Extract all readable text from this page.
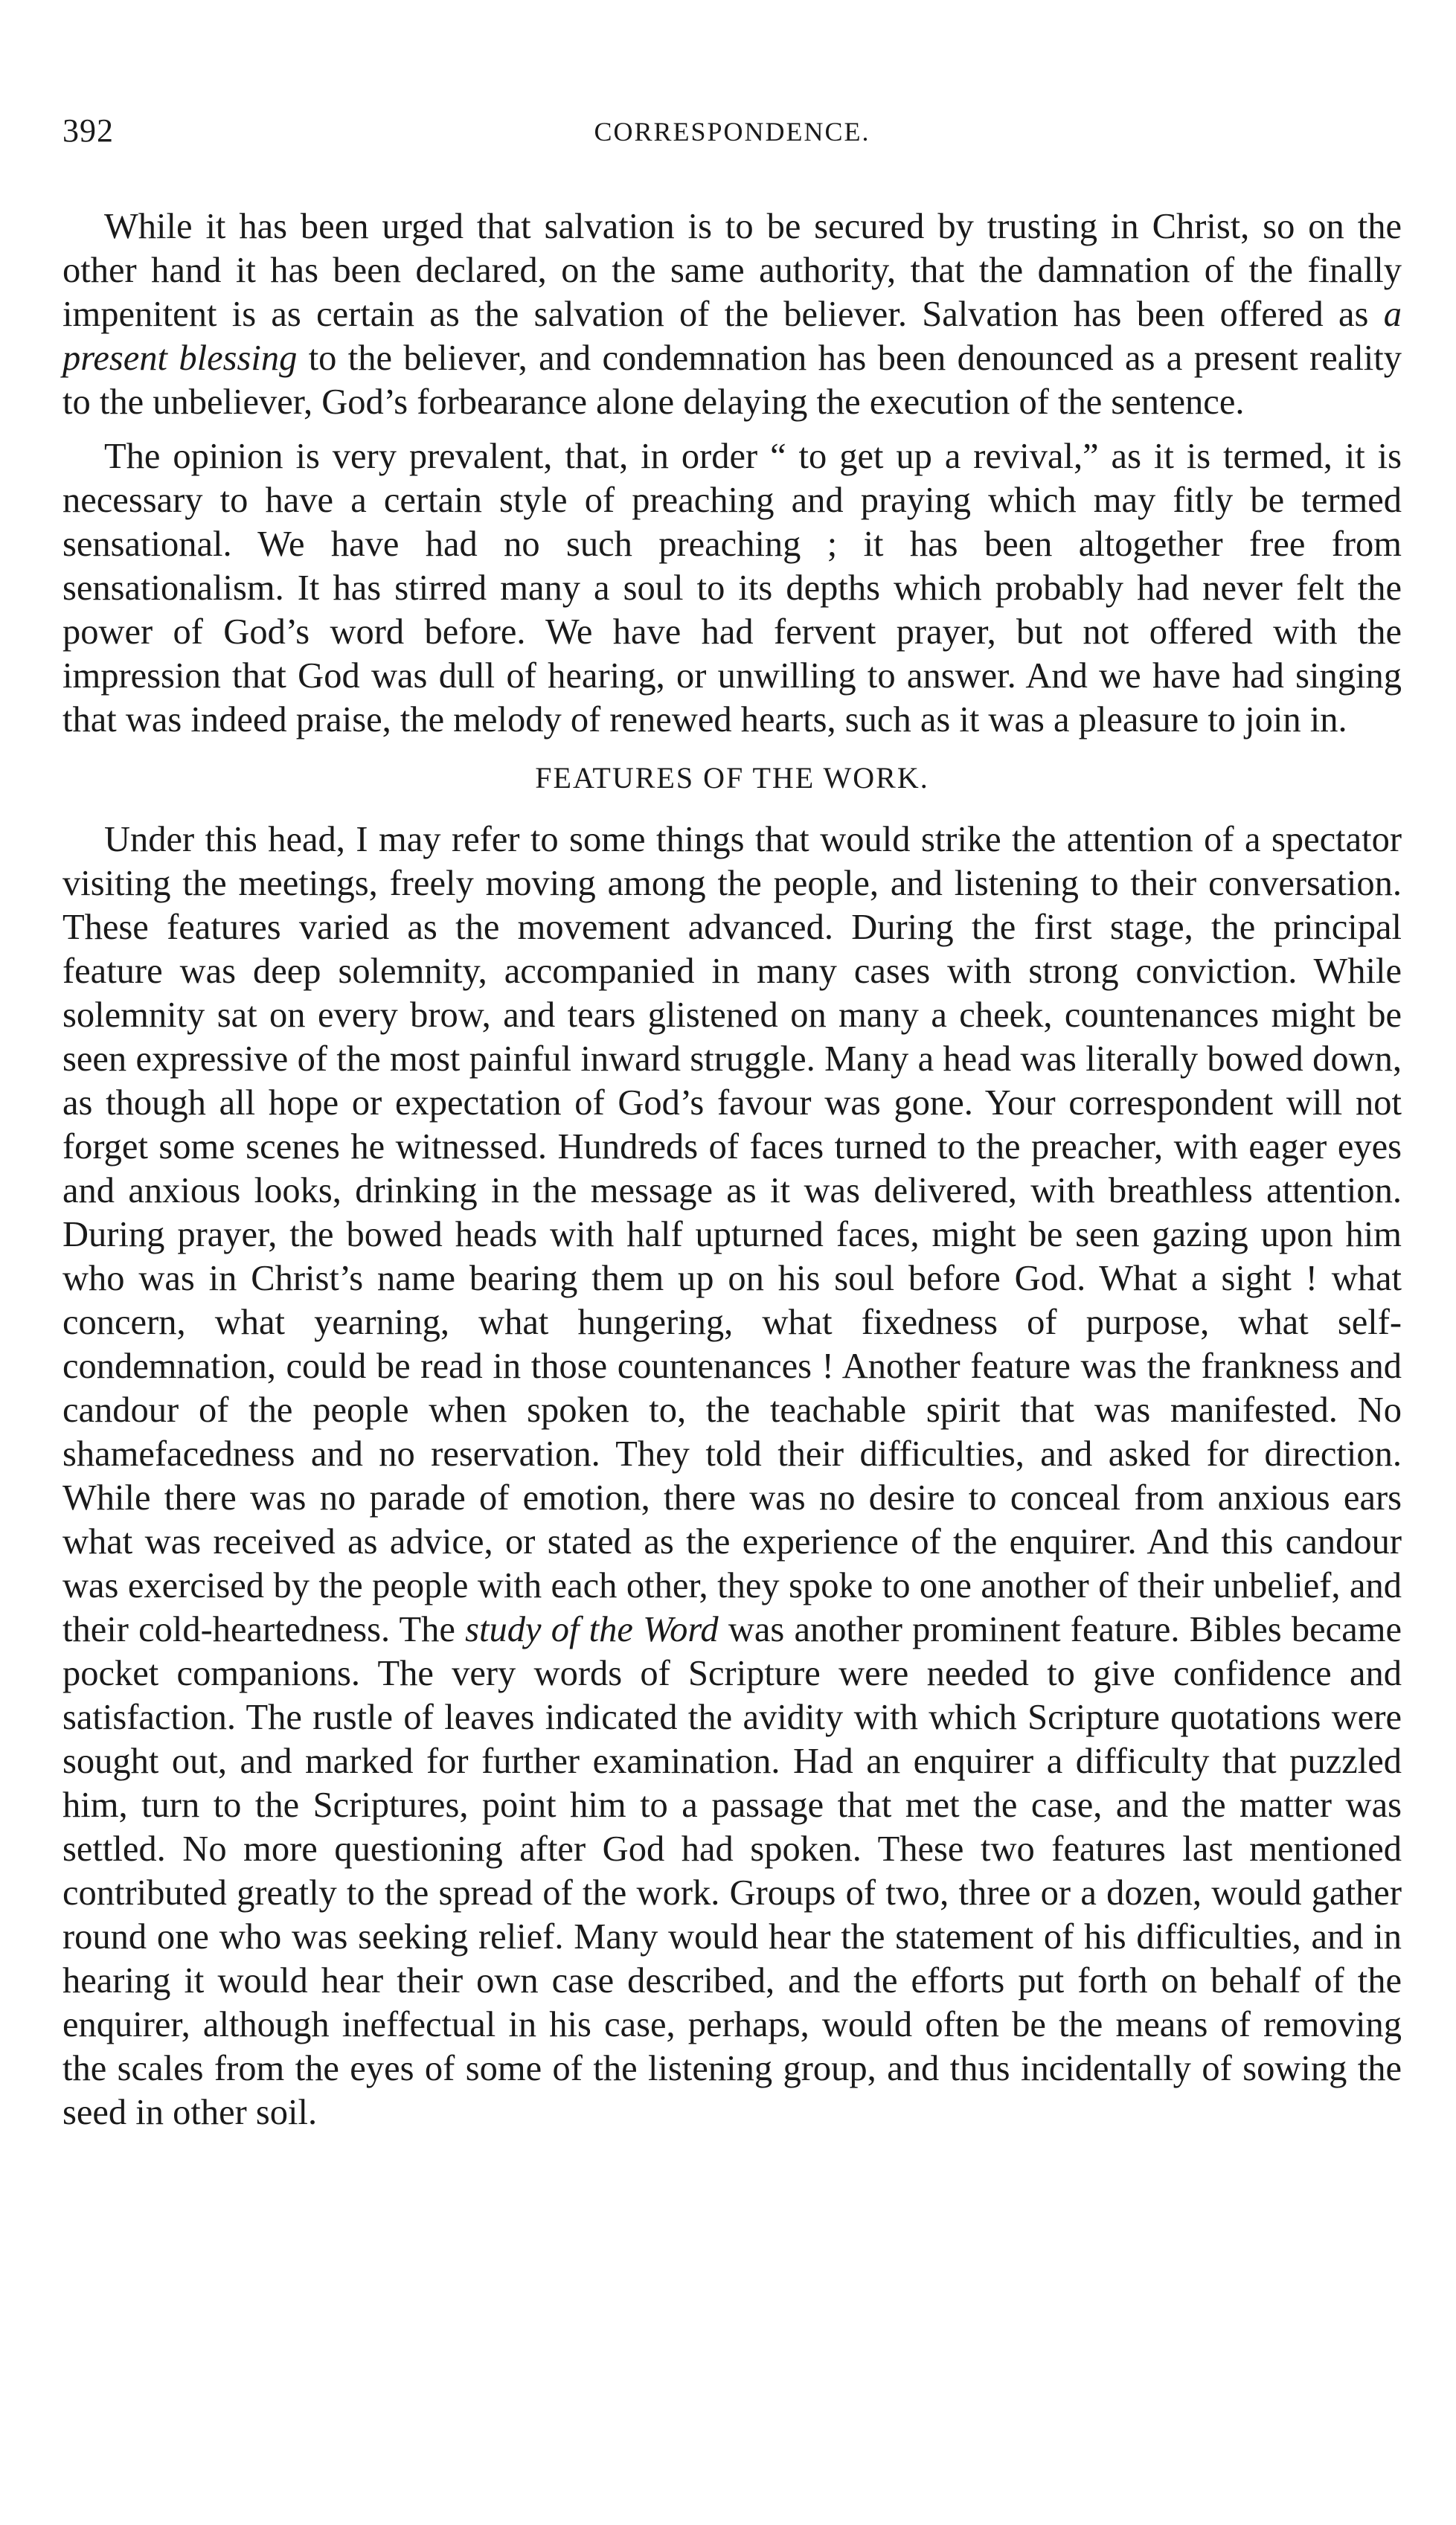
392	CORRESPONDENCE.

While it has been urged that salvation is to be secured by trusting in Christ, so on the other hand it has been declared, on the same authority, that the damnation of the finally impenitent is as certain as the salvation of the believer. Salvation has been offered as a present blessing to the believer, and condemnation has been denounced as a present reality to the unbeliever, God’s forbearance alone delaying the execution of the sentence.

The opinion is very prevalent, that, in order “ to get up a revival,” as it is termed, it is necessary to have a certain style of preaching and praying which may fitly be termed sensational. We have had no such preaching ; it has been altogether free from sensationalism. It has stirred many a soul to its depths which probably had never felt the power of God’s word before. We have had fervent prayer, but not offered with the impression that God was dull of hearing, or unwilling to answer. And we have had singing that was indeed praise, the melody of renewed hearts, such as it was a pleasure to join in.

FEATURES OF THE WORK.

Under this head, I may refer to some things that would strike the attention of a spectator visiting the meetings, freely moving among the people, and listening to their conversation. These features varied as the movement advanced. During the first stage, the principal feature was deep solemnity, accompanied in many cases with strong conviction. While solemnity sat on every brow, and tears glistened on many a cheek, countenances might be seen expressive of the most painful inward struggle. Many a head was literally bowed down, as though all hope or expectation of God’s favour was gone. Your correspondent will not forget some scenes he witnessed. Hundreds of faces turned to the preacher, with eager eyes and anxious looks, drinking in the message as it was delivered, with breathless attention. During prayer, the bowed heads with half upturned faces, might be seen gazing upon him who was in Christ’s name bearing them up on his soul before God. What a sight ! what concern, what yearning, what hungering, what fixedness of purpose, what self-condemnation, could be read in those countenances ! Another feature was the frankness and candour of the people when spoken to, the teachable spirit that was manifested. No shamefacedness and no reservation. They told their difficulties, and asked for direction. While there was no parade of emotion, there was no desire to conceal from anxious ears what was received as advice, or stated as the experience of the enquirer. And this candour was exercised by the people with each other, they spoke to one another of their unbelief, and their cold-heartedness. The study of the Word was another prominent feature. Bibles became pocket companions. The very words of Scripture were needed to give confidence and satisfaction. The rustle of leaves indicated the avidity with which Scripture quotations were sought out, and marked for further examination. Had an enquirer a difficulty that puzzled him, turn to the Scriptures, point him to a passage that met the case, and the matter was settled. No more questioning after God had spoken. These two features last mentioned contributed greatly to the spread of the work. Groups of two, three or a dozen, would gather round one who was seeking relief. Many would hear the statement of his difficulties, and in hearing it would hear their own case described, and the efforts put forth on behalf of the enquirer, although ineffectual in his case, perhaps, would often be the means of removing the scales from the eyes of some of the listening group, and thus incidentally of sowing the seed in other soil.
